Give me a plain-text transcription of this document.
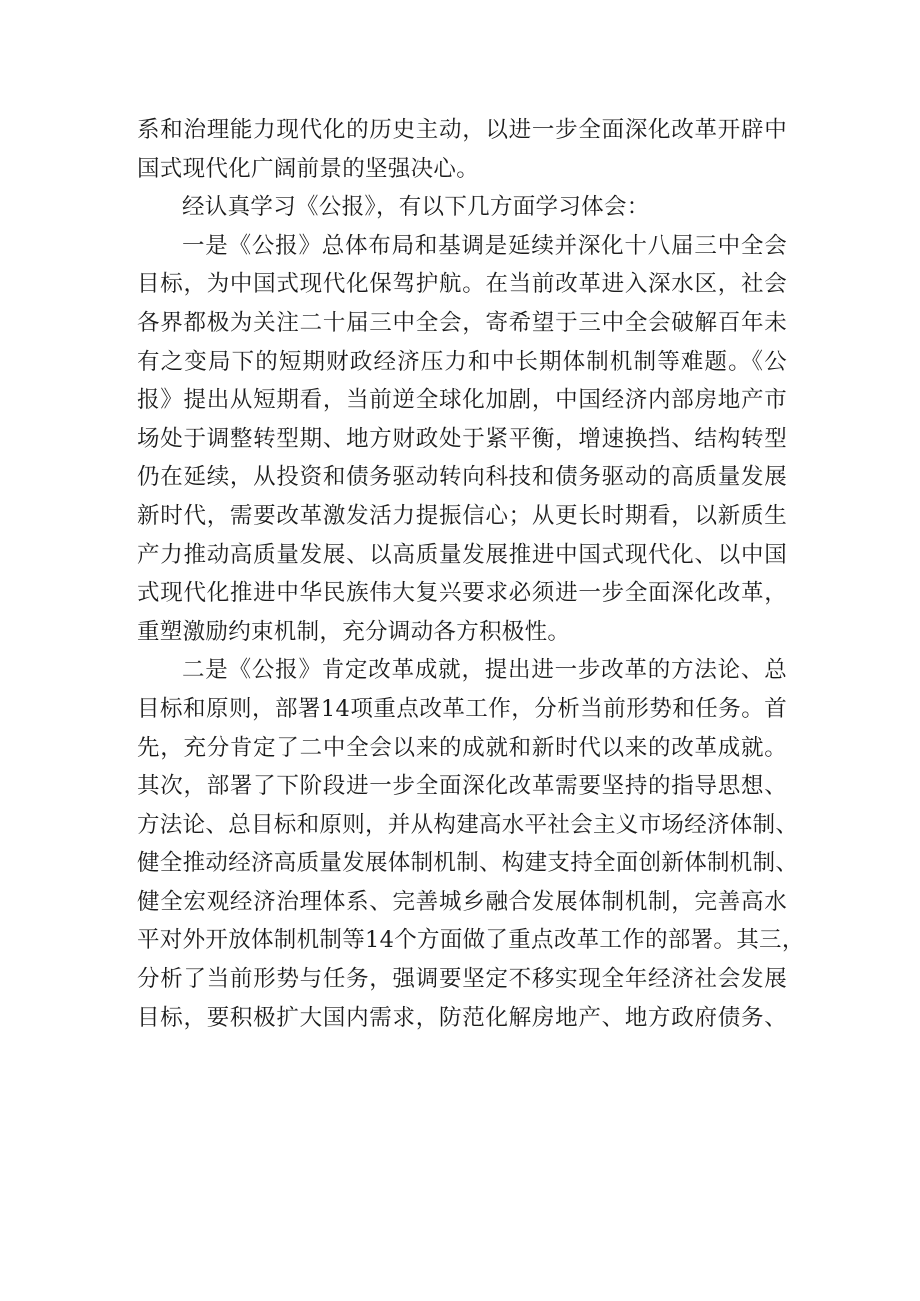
系和治理能力现代化的历史主动，以进一步全面深化改革开辟中
国式现代化广阔前景的坚强决心。
经认真学习《公报》，有以下几方面学习体会：
一是《公报》总体布局和基调是延续并深化十八届三中全会
目标，为中国式现代化保驾护航。在当前改革进入深水区，社会
各界都极为关注二十届三中全会，寄希望于三中全会破解百年未
有之变局下的短期财政经济压力和中长期体制机制等难题。《公
报》提出从短期看，当前逆全球化加剧，中国经济内部房地产市
场处于调整转型期、地方财政处于紧平衡，增速换挡、结构转型
仍在延续，从投资和债务驱动转向科技和债务驱动的高质量发展
新时代，需要改革激发活力提振信心；从更长时期看，以新质生
产力推动高质量发展、以高质量发展推进中国式现代化、以中国
式现代化推进中华民族伟大复兴要求必须进一步全面深化改革，
重塑激励约束机制，充分调动各方积极性。
二是《公报》肯定改革成就，提出进一步改革的方法论、总
目标和原则，部署14项重点改革工作，分析当前形势和任务。首
先，充分肯定了二中全会以来的成就和新时代以来的改革成就。
其次，部署了下阶段进一步全面深化改革需要坚持的指导思想、
方法论、总目标和原则，并从构建高水平社会主义市场经济体制、
健全推动经济高质量发展体制机制、构建支持全面创新体制机制、
健全宏观经济治理体系、完善城乡融合发展体制机制，完善高水
平对外开放体制机制等14个方面做了重点改革工作的部署。其三，
分析了当前形势与任务，强调要坚定不移实现全年经济社会发展
目标，要积极扩大国内需求，防范化解房地产、地方政府债务、
